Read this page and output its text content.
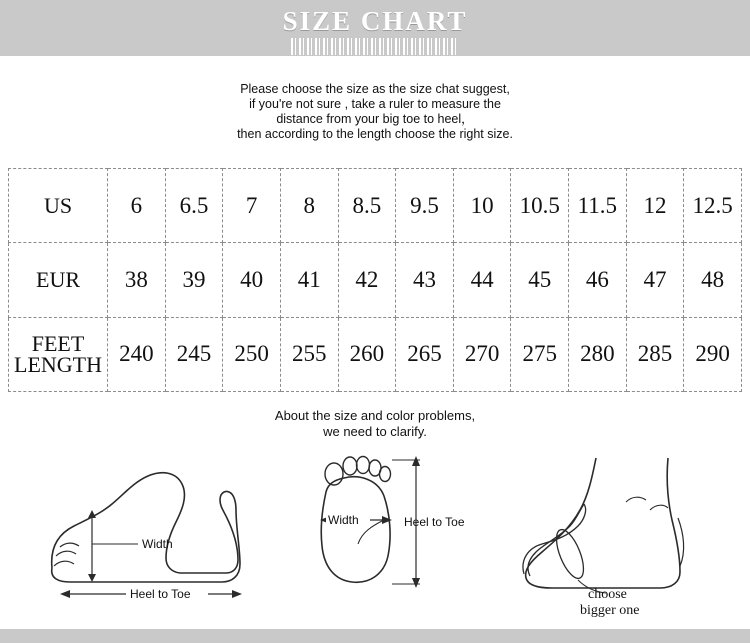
SIZE CHART
Please choose the size as the size chat suggest,
if you're not sure , take a ruler to measure the
distance from your big toe to heel，
then according to the length choose the right size.
US	6	6.5	7	8	8.5	9.5	10	10.5	11.5	12	12.5
EUR	38	39	40	41	42	43	44	45	46	47	48

FEET
LENGTH	240	245	250	255	260	265	270	275	280	285	290
About the size and color problems,
we need to clarify.
Width
Heel to Toe
Width	Heel to Toe
choose
bigger one
